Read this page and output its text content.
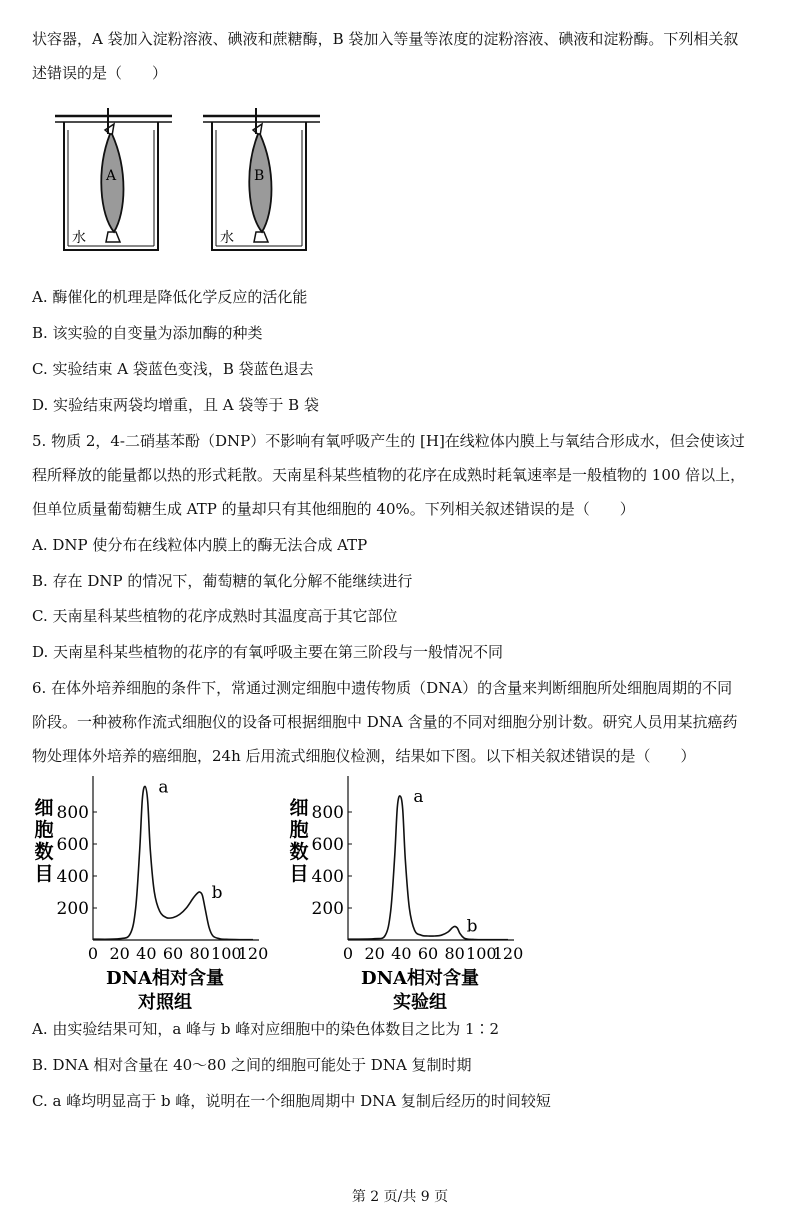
状容器，A 袋加入淀粉溶液、碘液和蔗糖酶，B 袋加入等量等浓度的淀粉溶液、碘液和淀粉酶。下列相关叙
述错误的是（　　）
A
水
B
水
A. 酶催化的机理是降低化学反应的活化能
B. 该实验的自变量为添加酶的种类
C. 实验结束 A 袋蓝色变浅，B 袋蓝色退去
D. 实验结束两袋均增重，且 A 袋等于 B 袋
5. 物质 2，4-二硝基苯酚（DNP）不影响有氧呼吸产生的 [H]在线粒体内膜上与氧结合形成水，但会使该过
程所释放的能量都以热的形式耗散。天南星科某些植物的花序在成熟时耗氧速率是一般植物的 100 倍以上，
但单位质量葡萄糖生成 ATP 的量却只有其他细胞的 40%。下列相关叙述错误的是（　　）
A. DNP 使分布在线粒体内膜上的酶无法合成 ATP
B. 存在 DNP 的情况下，葡萄糖的氧化分解不能继续进行
C. 天南星科某些植物的花序成熟时其温度高于其它部位
D. 天南星科某些植物的花序的有氧呼吸主要在第三阶段与一般情况不同
6. 在体外培养细胞的条件下，常通过测定细胞中遗传物质（DNA）的含量来判断细胞所处细胞周期的不同
阶段。一种被称作流式细胞仪的设备可根据细胞中 DNA 含量的不同对细胞分别计数。研究人员用某抗癌药
物处理体外培养的癌细胞，24h 后用流式细胞仪检测，结果如下图。以下相关叙述错误的是（　　）
200
400
600
800
0 20 40 60 80 100
120
细胞数目
DNA相对含量
对照组
a
b
200
400
600
800
0 20 40 60 80 100
120
细胞数目
DNA相对含量
实验组
a
b
A. 由实验结果可知，a 峰与 b 峰对应细胞中的染色体数目之比为 1∶2
B. DNA 相对含量在 40～80 之间的细胞可能处于 DNA 复制时期
C. a 峰均明显高于 b 峰，说明在一个细胞周期中 DNA 复制后经历的时间较短
第 2 页/共 9 页
